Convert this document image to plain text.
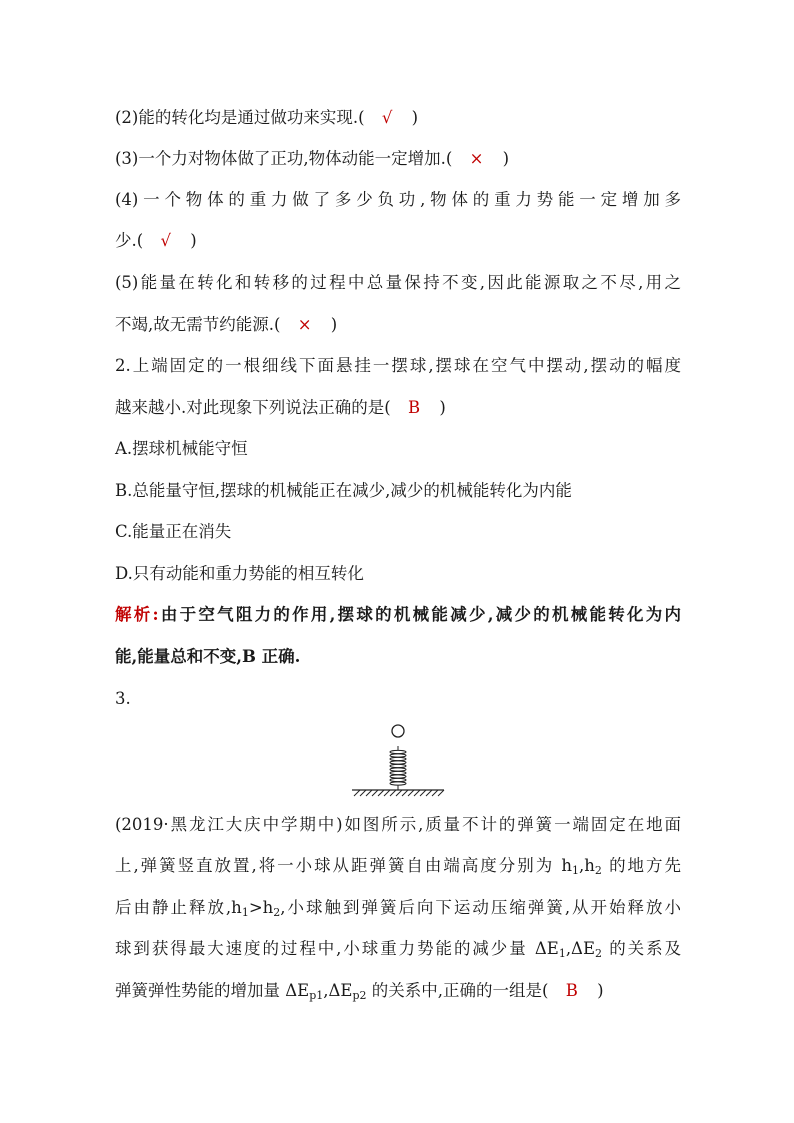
(2)能的转化均是通过做功来实现.( √ )
(3)一个力对物体做了正功,物体动能一定增加.( × )
(4)一个物体的重力做了多少负功,物体的重力势能一定增加多
少.( √ )
(5)能量在转化和转移的过程中总量保持不变,因此能源取之不尽,用之
不竭,故无需节约能源.( × )
2.上端固定的一根细线下面悬挂一摆球,摆球在空气中摆动,摆动的幅度
越来越小.对此现象下列说法正确的是( B )
A.摆球机械能守恒
B.总能量守恒,摆球的机械能正在减少,减少的机械能转化为内能
C.能量正在消失
D.只有动能和重力势能的相互转化
解析:由于空气阻力的作用,摆球的机械能减少,减少的机械能转化为内
能,能量总和不变,B 正确.
3.
(2019·黑龙江大庆中学期中)如图所示,质量不计的弹簧一端固定在地面
上,弹簧竖直放置,将一小球从距弹簧自由端高度分别为 $h_1,h_2$ 的地方先
后由静止释放$,h_1>h_2$,小球触到弹簧后向下运动压缩弹簧,从开始释放小
球到获得最大速度的过程中,小球重力势能的减少量 $\Delta E_1,\Delta E_2$ 的关系及
弹簧弹性势能的增加量 $\Delta E_{p1},\Delta E_{p2}$ 的关系中,正确的一组是( B )
